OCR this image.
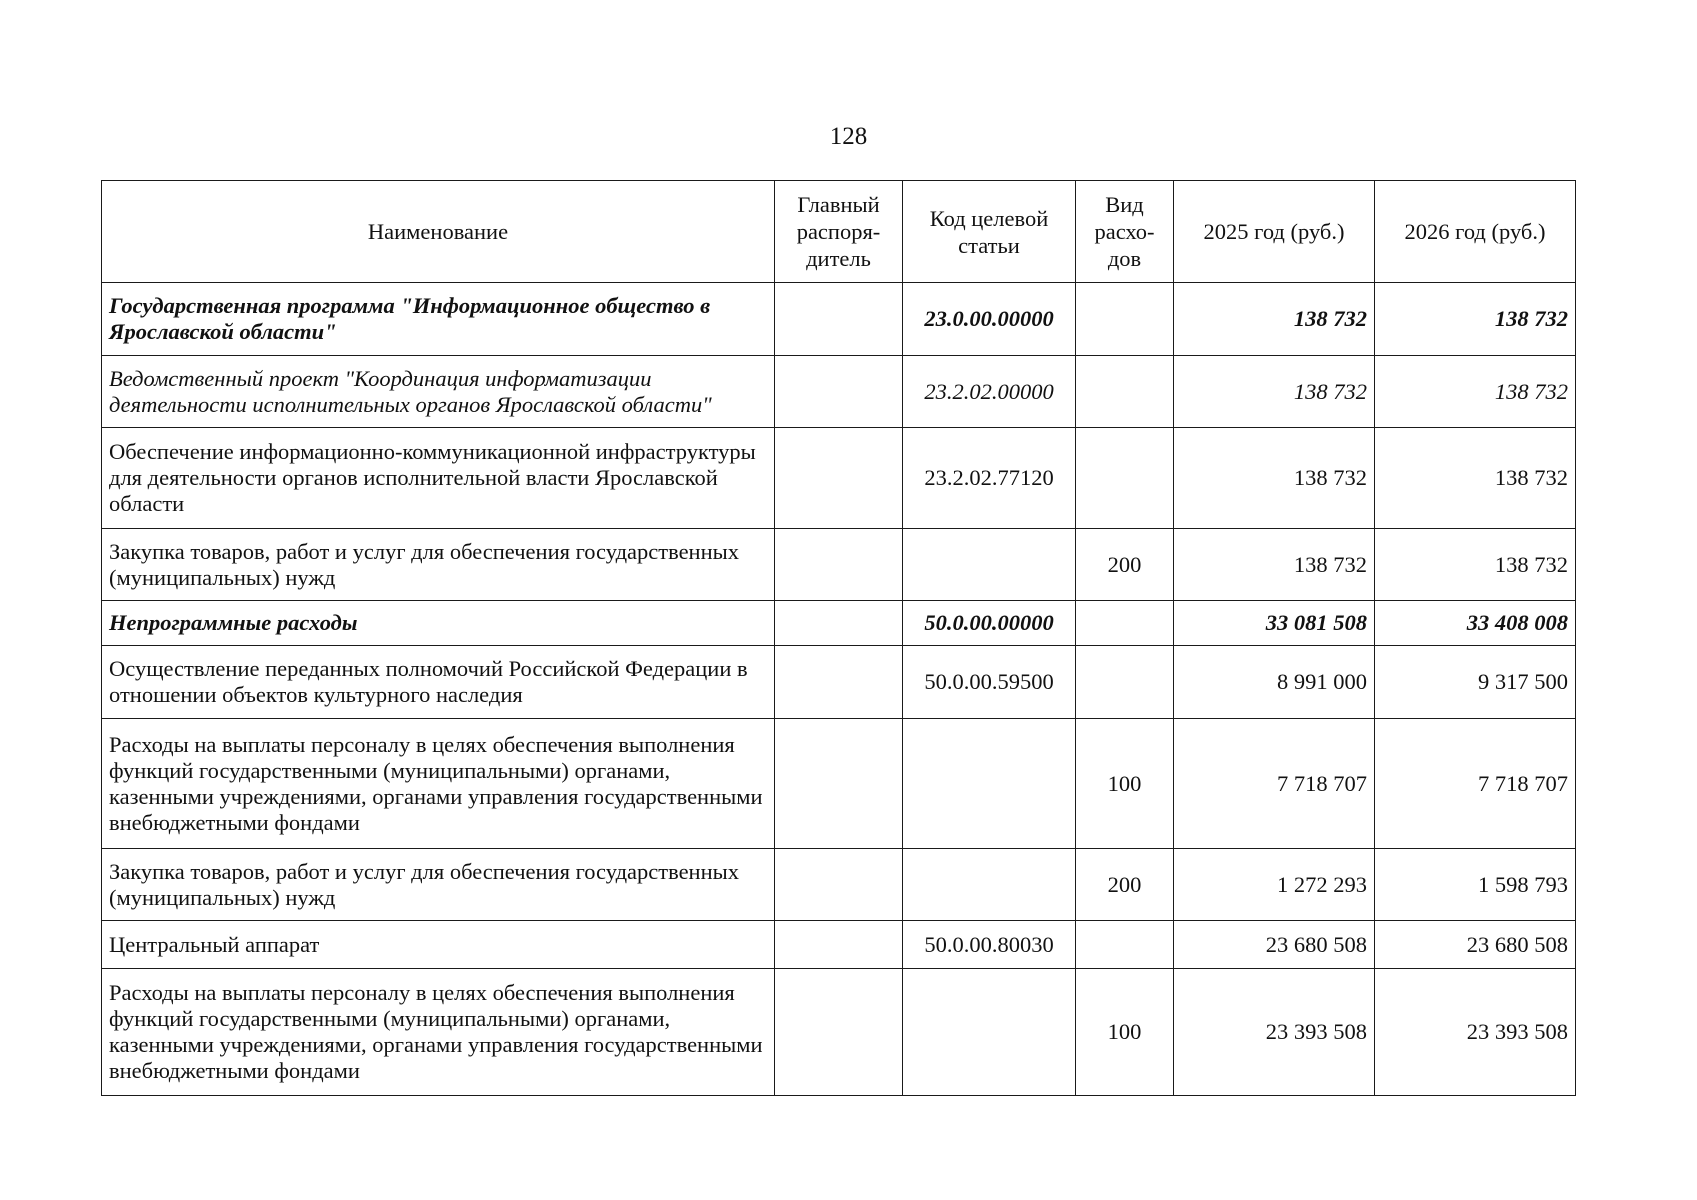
128
Наименование	Главный распоря- дитель	Код целевой статьи	Вид расхо- дов	2025 год (руб.)	2026 год (руб.)
Государственная программа "Информационное общество в Ярославской области"		23.0.00.00000		138 732	138 732
Ведомственный проект "Координация информатизации деятельности исполнительных органов Ярославской области"		23.2.02.00000		138 732	138 732
Обеспечение информационно-коммуникационной инфраструктуры для деятельности органов исполнительной власти Ярославской области		23.2.02.77120		138 732	138 732
Закупка товаров, работ и услуг для обеспечения государственных (муниципальных) нужд			200	138 732	138 732
Непрограммные расходы		50.0.00.00000		33 081 508	33 408 008
Осуществление переданных полномочий Российской Федерации в отношении объектов культурного наследия		50.0.00.59500		8 991 000	9 317 500
Расходы на выплаты персоналу в целях обеспечения выполнения функций государственными (муниципальными) органами, казенными учреждениями, органами управления государственными внебюджетными фондами			100	7 718 707	7 718 707
Закупка товаров, работ и услуг для обеспечения государственных (муниципальных) нужд			200	1 272 293	1 598 793
Центральный аппарат		50.0.00.80030		23 680 508	23 680 508
Расходы на выплаты персоналу в целях обеспечения выполнения функций государственными (муниципальными) органами, казенными учреждениями, органами управления государственными внебюджетными фондами			100	23 393 508	23 393 508
